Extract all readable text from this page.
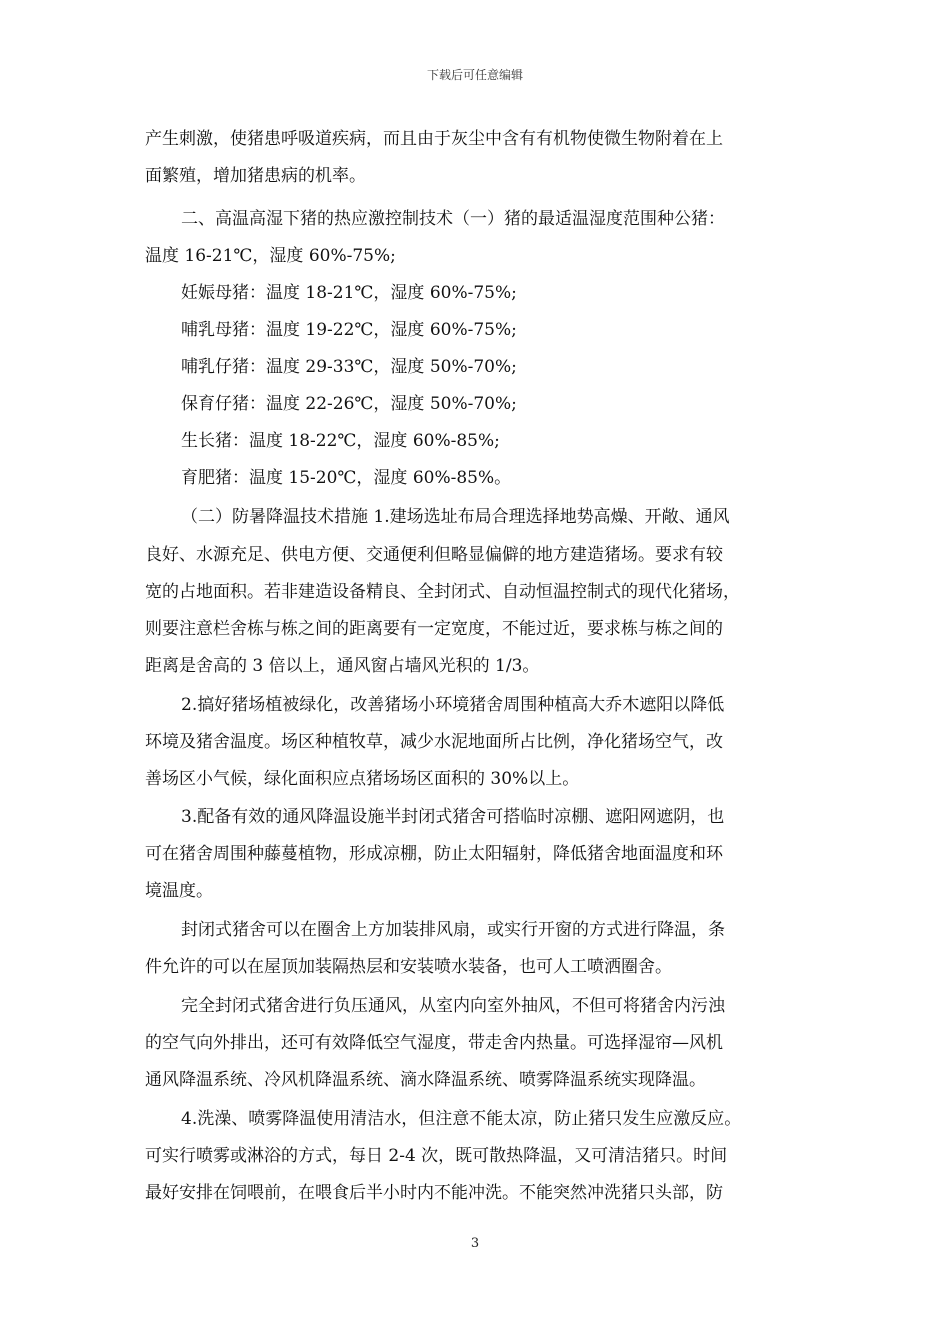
下载后可任意编辑
产生刺激，使猪患呼吸道疾病，而且由于灰尘中含有有机物使微生物附着在上
面繁殖，增加猪患病的机率。
二、高温高湿下猪的热应激控制技术（一）猪的最适温湿度范围种公猪：
温度 16-21℃，湿度 60%-75%;
妊娠母猪：温度 18-21℃，湿度 60%-75%;
哺乳母猪：温度 19-22℃，湿度 60%-75%;
哺乳仔猪：温度 29-33℃，湿度 50%-70%;
保育仔猪：温度 22-26℃，湿度 50%-70%;
生长猪：温度 18-22℃，湿度 60%-85%;
育肥猪：温度 15-20℃，湿度 60%-85%。
（二）防暑降温技术措施 1.建场选址布局合理选择地势高燥、开敞、通风
良好、水源充足、供电方便、交通便利但略显偏僻的地方建造猪场。要求有较
宽的占地面积。若非建造设备精良、全封闭式、自动恒温控制式的现代化猪场，
则要注意栏舍栋与栋之间的距离要有一定宽度，不能过近，要求栋与栋之间的
距离是舍高的 3 倍以上，通风窗占墙风光积的 1/3。
2.搞好猪场植被绿化，改善猪场小环境猪舍周围种植高大乔木遮阳以降低
环境及猪舍温度。场区种植牧草，减少水泥地面所占比例，净化猪场空气，改
善场区小气候，绿化面积应点猪场场区面积的 30%以上。
3.配备有效的通风降温设施半封闭式猪舍可搭临时凉棚、遮阳网遮阴，也
可在猪舍周围种藤蔓植物，形成凉棚，防止太阳辐射，降低猪舍地面温度和环
境温度。
封闭式猪舍可以在圈舍上方加装排风扇，或实行开窗的方式进行降温，条
件允许的可以在屋顶加装隔热层和安装喷水装备，也可人工喷洒圈舍。
完全封闭式猪舍进行负压通风，从室内向室外抽风，不但可将猪舍内污浊
的空气向外排出，还可有效降低空气湿度，带走舍内热量。可选择湿帘—风机
通风降温系统、冷风机降温系统、滴水降温系统、喷雾降温系统实现降温。
4.洗澡、喷雾降温使用清洁水，但注意不能太凉，防止猪只发生应激反应。
可实行喷雾或淋浴的方式，每日 2-4 次，既可散热降温，又可清洁猪只。时间
最好安排在饲喂前，在喂食后半小时内不能冲洗。不能突然冲洗猪只头部，防
3
